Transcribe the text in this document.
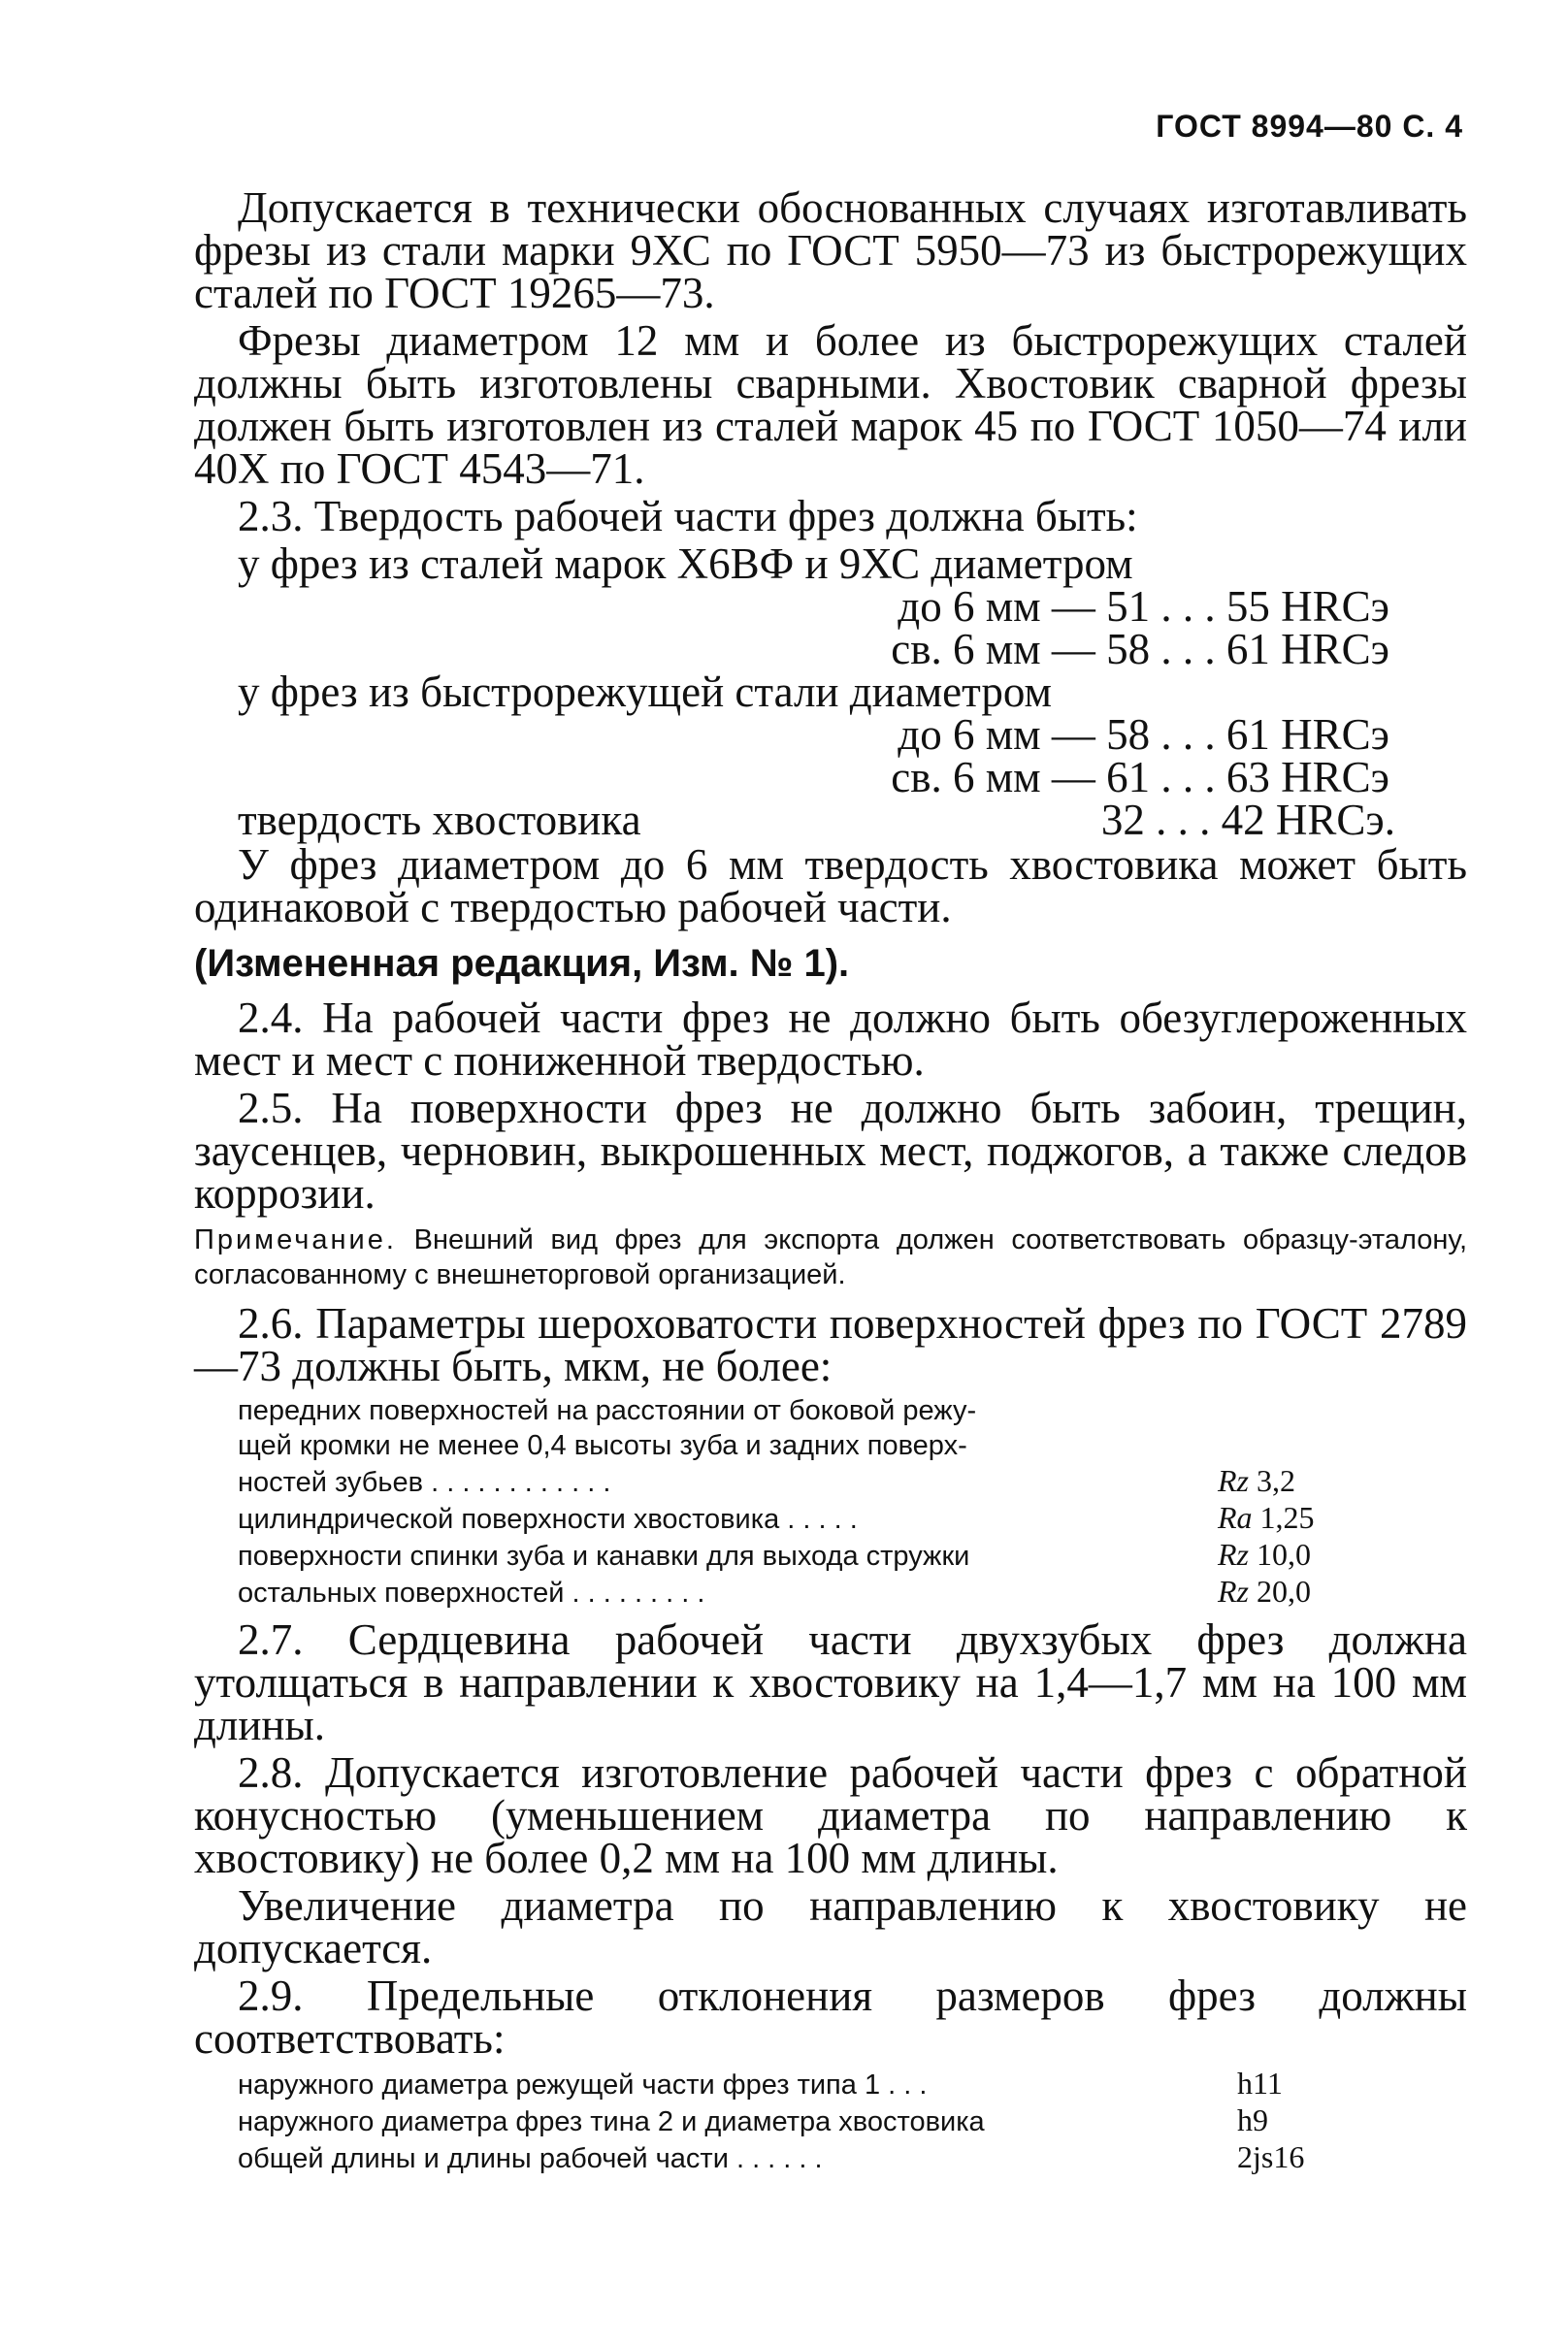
ГОСТ 8994—80 С. 4

Допускается в технически обоснованных случаях изготавливать фрезы из стали марки 9ХС по ГОСТ 5950—73 из быстрорежущих сталей по ГОСТ 19265—73.

Фрезы диаметром 12 мм и более из быстрорежущих сталей должны быть изготовлены сварными. Хвостовик сварной фрезы должен быть изготовлен из сталей марок 45 по ГОСТ 1050—74 или 40Х по ГОСТ 4543—71.

2.3. Твердость рабочей части фрез должна быть:

у фрез из сталей марок Х6ВФ и 9ХС диаметром
до 6 мм — 51 . . . 55 HRCэ
св. 6 мм — 58 . . . 61 HRCэ
у фрез из быстрорежущей стали диаметром
до 6 мм — 58 . . . 61 HRCэ
св. 6 мм — 61 . . . 63 HRCэ
твердость хвостовика	32 . . . 42 HRCэ.

У фрез диаметром до 6 мм твердость хвостовика может быть одинаковой с твердостью рабочей части.

(Измененная редакция, Изм. № 1).

2.4. На рабочей части фрез не должно быть обезуглероженных мест и мест с пониженной твердостью.

2.5. На поверхности фрез не должно быть забоин, трещин, заусенцев, черновин, выкрошенных мест, поджогов, а также следов коррозии.

Примечание. Внешний вид фрез для экспорта должен соответствовать образцу-эталону, согласованному с внешнеторговой организацией.

2.6. Параметры шероховатости поверхностей фрез по ГОСТ 2789—73 должны быть, мкм, не более:

передних поверхностей на расстоянии от боковой режу-
щей кромки не менее 0,4 высоты зуба и задних поверх-
ностей зубьев . . . . . . . . . . . .	Rz 3,2
цилиндрической поверхности хвостовика . . . . .	Ra 1,25
поверхности спинки зуба и канавки для выхода стружки	Rz 10,0
остальных поверхностей . . . . . . . . .	Rz 20,0

2.7. Сердцевина рабочей части двухзубых фрез должна утолщаться в направлении к хвостовику на 1,4—1,7 мм на 100 мм длины.

2.8. Допускается изготовление рабочей части фрез с обратной конусностью (уменьшением диаметра по направлению к хвостовику) не более 0,2 мм на 100 мм длины.

Увеличение диаметра по направлению к хвостовику не допускается.

2.9. Предельные отклонения размеров фрез должны соответствовать:

наружного диаметра режущей части фрез типа 1 . . .	h11
наружного диаметра фрез тина 2 и диаметра хвостовика	h9
общей длины и длины рабочей части . . . . . .	2js16
